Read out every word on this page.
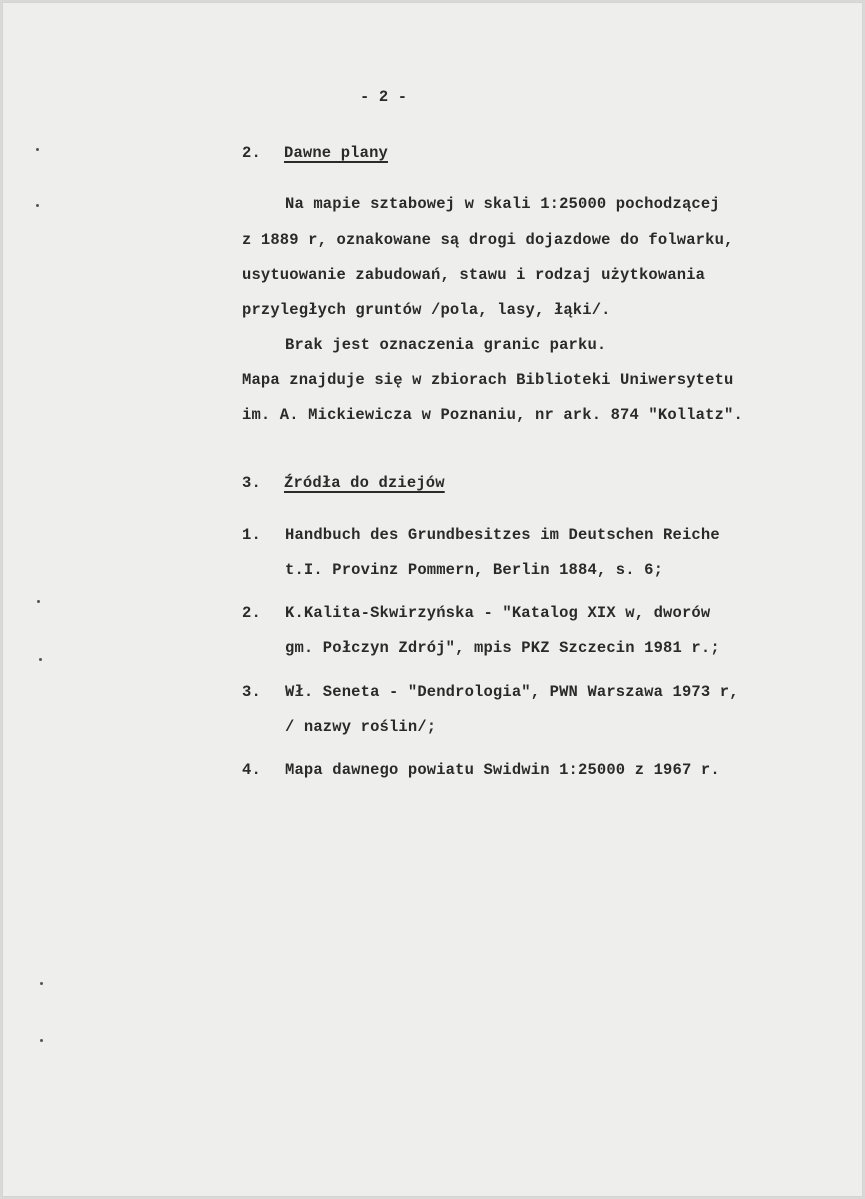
- 2 -
2. Dawne plany
Na mapie sztabowej w skali 1:25000 pochodzącej
z 1889 r, oznakowane są drogi dojazdowe do folwarku,
usytuowanie zabudowań, stawu i rodzaj użytkowania
przyległych gruntów /pola, lasy, łąki/.
Brak jest oznaczenia granic parku.
Mapa znajduje się w zbiorach Biblioteki Uniwersytetu
im. A. Mickiewicza w Poznaniu, nr ark. 874 "Kollatz".
3. Źródła do dziejów
1. Handbuch des Grundbesitzes im Deutschen Reiche
t.I. Provinz Pommern, Berlin 1884, s. 6;
2. K.Kalita-Skwirzyńska - "Katalog XIX w, dworów
gm. Połczyn Zdrój", mpis PKZ Szczecin 1981 r.;
3. Wł. Seneta - "Dendrologia", PWN Warszawa 1973 r,
/ nazwy roślin/;
4. Mapa dawnego powiatu Swidwin 1:25000 z 1967 r.
